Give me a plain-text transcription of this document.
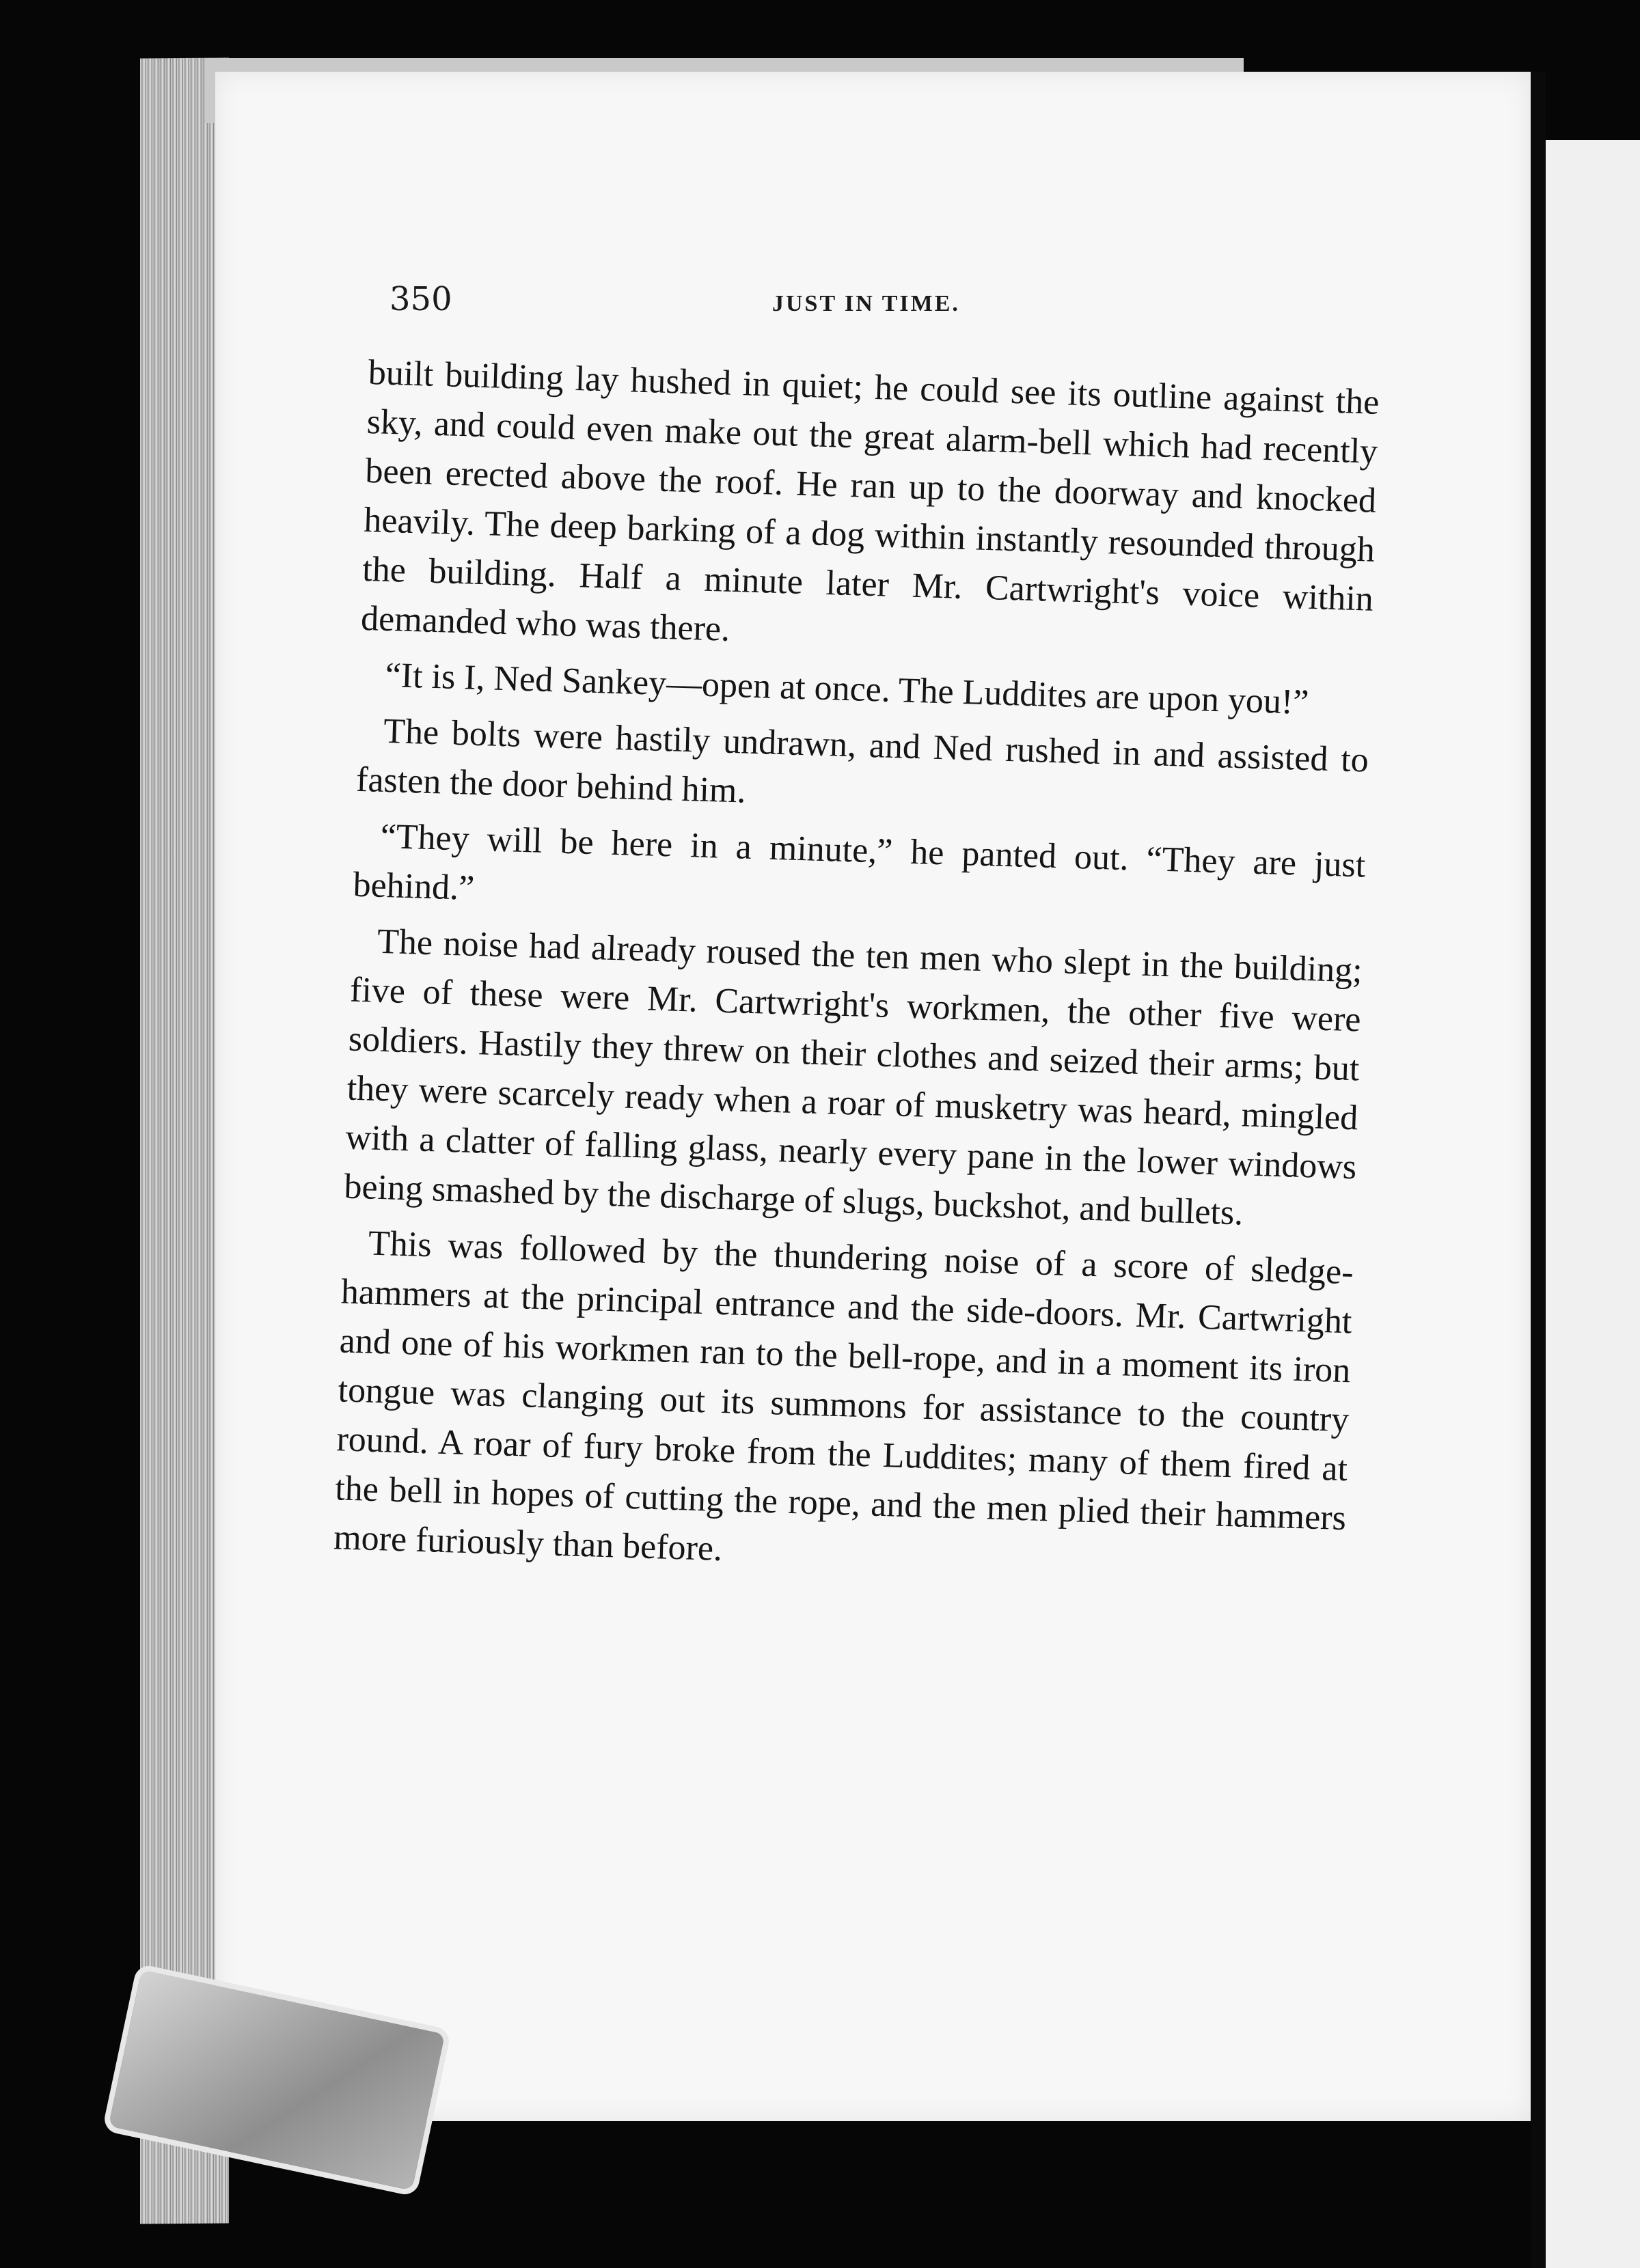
350	JUST IN TIME.

built building lay hushed in quiet; he could see its outline against the sky, and could even make out the great alarm-bell which had recently been erected above the roof. He ran up to the doorway and knocked heavily. The deep barking of a dog within instantly resounded through the building. Half a minute later Mr. Cartwright's voice within demanded who was there.

“It is I, Ned Sankey—open at once. The Luddites are upon you!”

The bolts were hastily undrawn, and Ned rushed in and assisted to fasten the door behind him.

“They will be here in a minute,” he panted out. “They are just behind.”

The noise had already roused the ten men who slept in the building; five of these were Mr. Cartwright's workmen, the other five were soldiers. Hastily they threw on their clothes and seized their arms; but they were scarcely ready when a roar of musketry was heard, mingled with a clatter of falling glass, nearly every pane in the lower windows being smashed by the discharge of slugs, buckshot, and bullets.

This was followed by the thundering noise of a score of sledge-hammers at the principal entrance and the side-doors. Mr. Cartwright and one of his workmen ran to the bell-rope, and in a moment its iron tongue was clanging out its summons for assistance to the country round. A roar of fury broke from the Luddites; many of them fired at the bell in hopes of cutting the rope, and the men plied their hammers more furiously than before.
